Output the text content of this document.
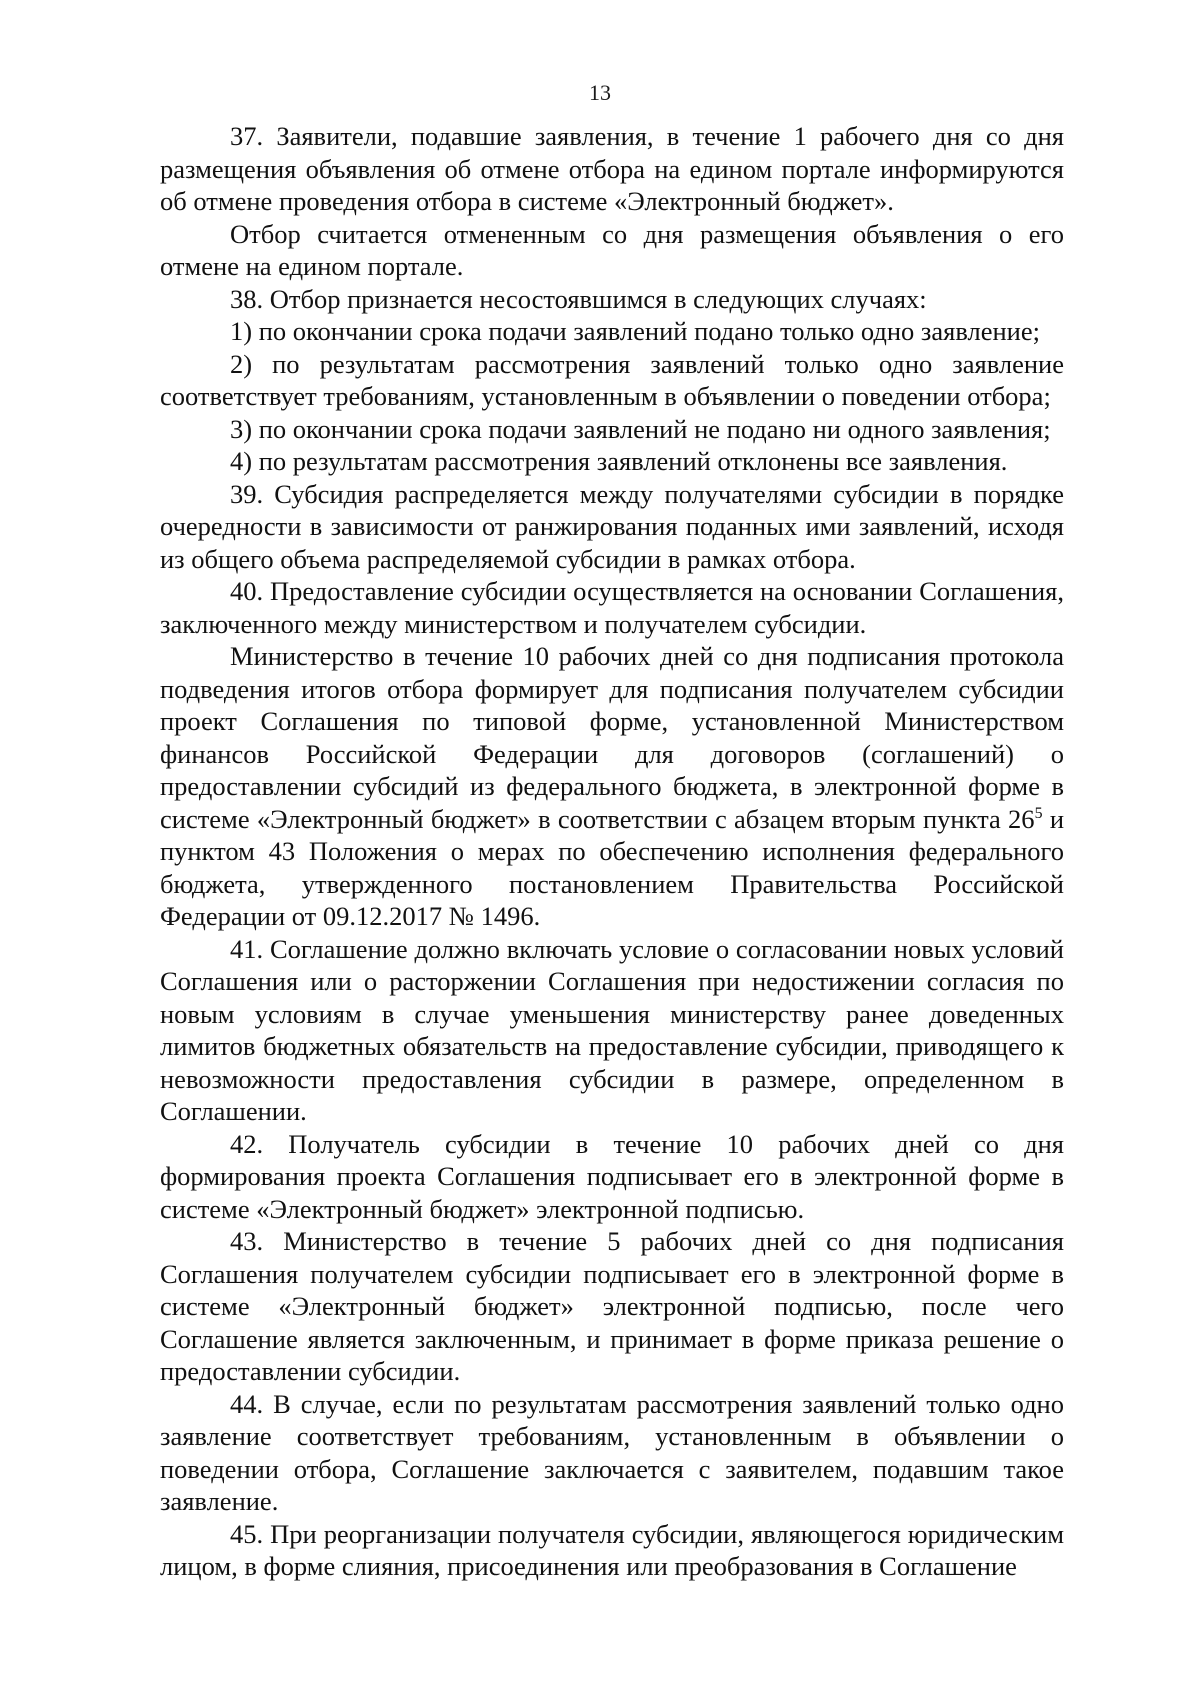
13

37. Заявители, подавшие заявления, в течение 1 рабочего дня со дня размещения объявления об отмене отбора на едином портале информируются об отмене проведения отбора в системе «Электронный бюджет».

Отбор считается отмененным со дня размещения объявления о его отмене на едином портале.

38. Отбор признается несостоявшимся в следующих случаях:

1) по окончании срока подачи заявлений подано только одно заявление;

2) по результатам рассмотрения заявлений только одно заявление соответствует требованиям, установленным в объявлении о поведении отбора;

3) по окончании срока подачи заявлений не подано ни одного заявления;

4) по результатам рассмотрения заявлений отклонены все заявления.

39. Субсидия распределяется между получателями субсидии в порядке очередности в зависимости от ранжирования поданных ими заявлений, исходя из общего объема распределяемой субсидии в рамках отбора.

40. Предоставление субсидии осуществляется на основании Соглашения, заключенного между министерством и получателем субсидии.

Министерство в течение 10 рабочих дней со дня подписания протокола подведения итогов отбора формирует для подписания получателем субсидии проект Соглашения по типовой форме, установленной Министерством финансов Российской Федерации для договоров (соглашений) о предоставлении субсидий из федерального бюджета, в электронной форме в системе «Электронный бюджет» в соответствии с абзацем вторым пункта $26^5$ и пунктом 43 Положения о мерах по обеспечению исполнения федерального бюджета, утвержденного постановлением Правительства Российской Федерации от 09.12.2017 № 1496.

41. Соглашение должно включать условие о согласовании новых условий Соглашения или о расторжении Соглашения при недостижении согласия по новым условиям в случае уменьшения министерству ранее доведенных лимитов бюджетных обязательств на предоставление субсидии, приводящего к невозможности предоставления субсидии в размере, определенном в Соглашении.

42. Получатель субсидии в течение 10 рабочих дней со дня формирования проекта Соглашения подписывает его в электронной форме в системе «Электронный бюджет» электронной подписью.

43. Министерство в течение 5 рабочих дней со дня подписания Соглашения получателем субсидии подписывает его в электронной форме в системе «Электронный бюджет» электронной подписью, после чего Соглашение является заключенным, и принимает в форме приказа решение о предоставлении субсидии.

44. В случае, если по результатам рассмотрения заявлений только одно заявление соответствует требованиям, установленным в объявлении о поведении отбора, Соглашение заключается с заявителем, подавшим такое заявление.

45. При реорганизации получателя субсидии, являющегося юридическим лицом, в форме слияния, присоединения или преобразования в Соглашение
